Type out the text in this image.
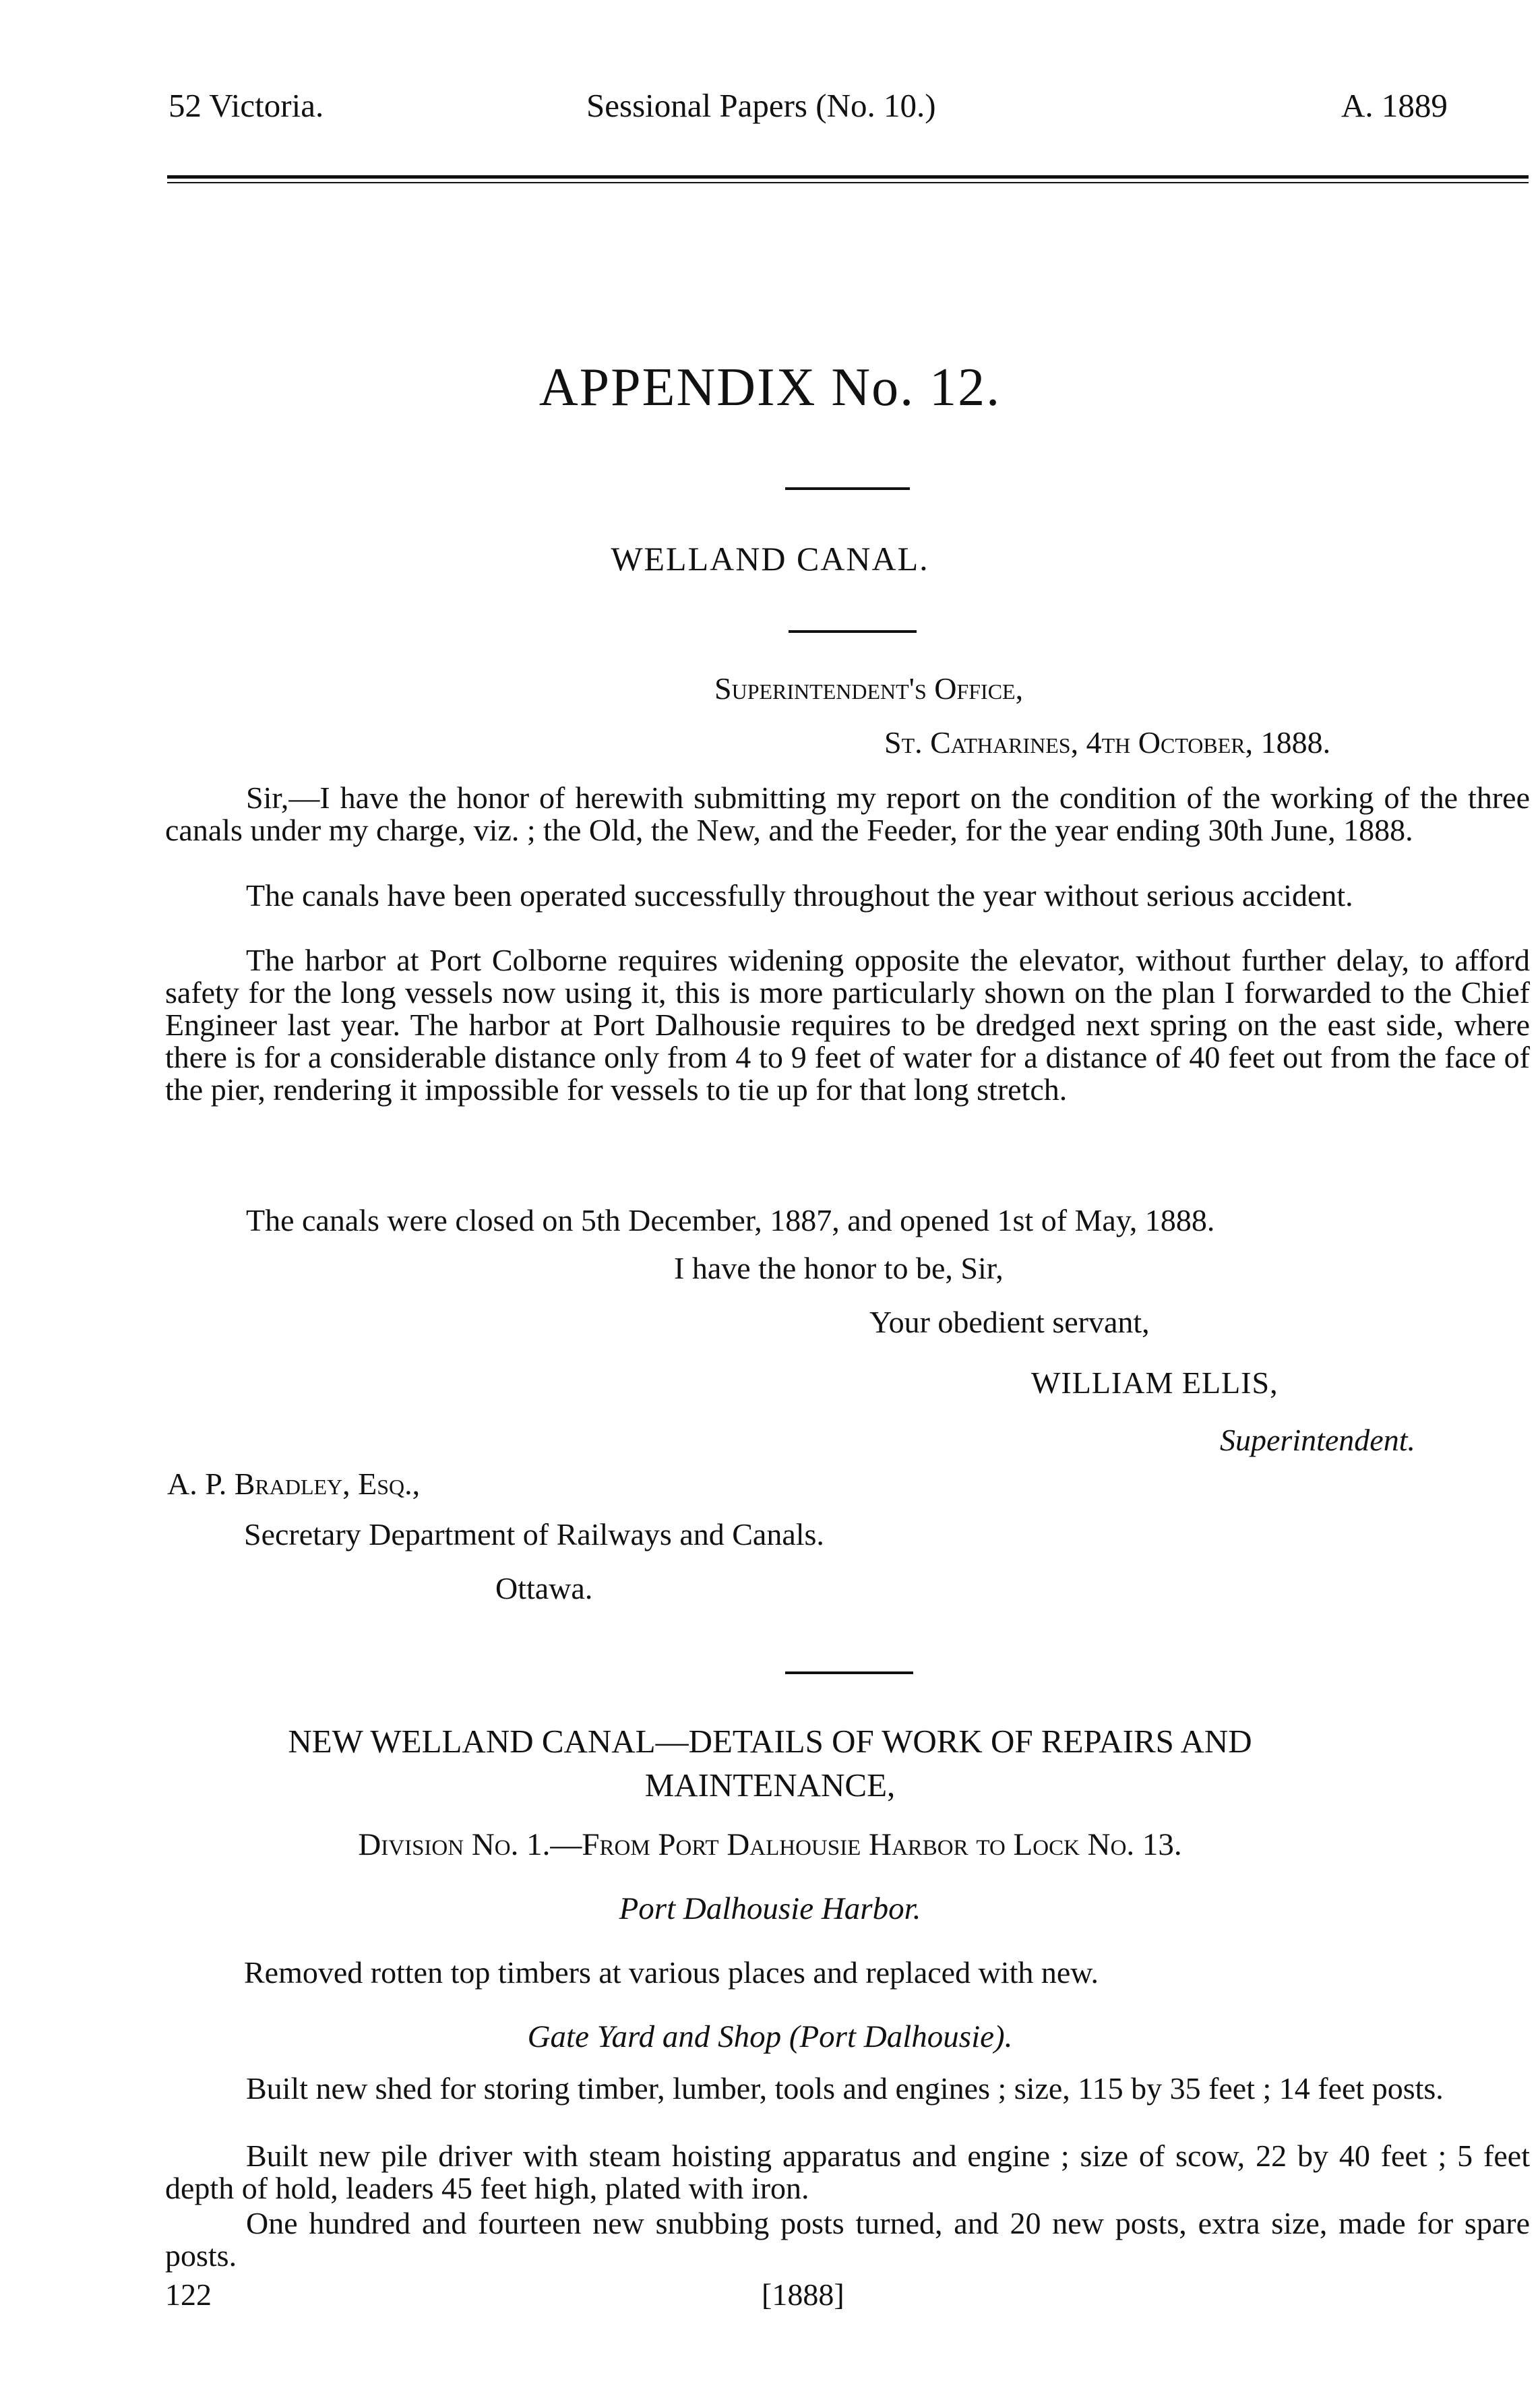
52 Victoria.	Sessional Papers (No. 10.)	A. 1889
APPENDIX No. 12.
WELLAND CANAL.
Superintendent's Office,
St. Catharines, 4th October, 1888.

Sir,—I have the honor of herewith submitting my report on the condition of the working of the three canals under my charge, viz. ; the Old, the New, and the Feeder, for the year ending 30th June, 1888.

The canals have been operated successfully throughout the year without serious accident.

The harbor at Port Colborne requires widening opposite the elevator, without further delay, to afford safety for the long vessels now using it, this is more particularly shown on the plan I forwarded to the Chief Engineer last year. The harbor at Port Dalhousie requires to be dredged next spring on the east side, where there is for a considerable distance only from 4 to 9 feet of water for a distance of 40 feet out from the face of the pier, rendering it impossible for vessels to tie up for that long stretch.

The canals were closed on 5th December, 1887, and opened 1st of May, 1888.

I have the honor to be, Sir,
Your obedient servant,
WILLIAM ELLIS,
Superintendent.
A. P. Bradley, Esq.,
Secretary Department of Railways and Canals.
Ottawa.
NEW WELLAND CANAL—DETAILS OF WORK OF REPAIRS AND
MAINTENANCE,
Division No. 1.—From Port Dalhousie Harbor to Lock No. 13.
Port Dalhousie Harbor.
Removed rotten top timbers at various places and replaced with new.
Gate Yard and Shop (Port Dalhousie).

Built new shed for storing timber, lumber, tools and engines ; size, 115 by 35 feet ; 14 feet posts.

Built new pile driver with steam hoisting apparatus and engine ; size of scow, 22 by 40 feet ; 5 feet depth of hold, leaders 45 feet high, plated with iron.

One hundred and fourteen new snubbing posts turned, and 20 new posts, extra size, made for spare posts.

122	[1888]
